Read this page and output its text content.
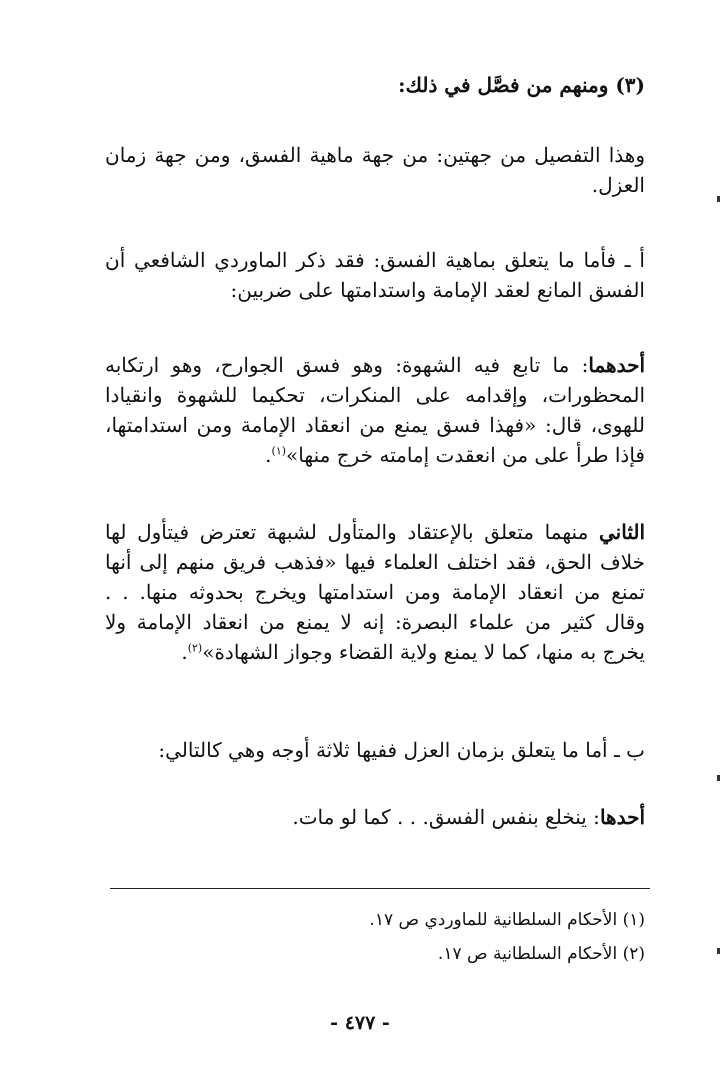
(٣) ومنهم من فصَّل في ذلك:

وهذا التفصيل من جهتين: من جهة ماهية الفسق، ومن جهة زمان العزل.

أ ـ فأما ما يتعلق بماهية الفسق: فقد ذكر الماوردي الشافعي أن الفسق المانع لعقد الإمامة واستدامتها على ضربين:

أحدهما: ما تابع فيه الشهوة: وهو فسق الجوارح، وهو ارتكابه المحظورات، وإقدامه على المنكرات، تحكيما للشهوة وانقيادا للهوى، قال: «فهذا فسق يمنع من انعقاد الإمامة ومن استدامتها، فإذا طرأ على من انعقدت إمامته خرج منها»$^{(١)}$.

الثاني منهما متعلق بالإعتقاد والمتأول لشبهة تعترض فيتأول لها خلاف الحق، فقد اختلف العلماء فيها «فذهب فريق منهم إلى أنها تمنع من انعقاد الإمامة ومن استدامتها ويخرج بحدوثه منها. . . وقال كثير من علماء البصرة: إنه لا يمنع من انعقاد الإمامة ولا يخرج به منها، كما لا يمنع ولاية القضاء وجواز الشهادة»$^{(٢)}$.

ب ـ أما ما يتعلق بزمان العزل ففيها ثلاثة أوجه وهي كالتالي:

أحدها: ينخلع بنفس الفسق. . . كما لو مات.

(١) الأحكام السلطانية للماوردي ص ١٧.
(٢) الأحكام السلطانية ص ١٧.
- ٤٧٧ -
